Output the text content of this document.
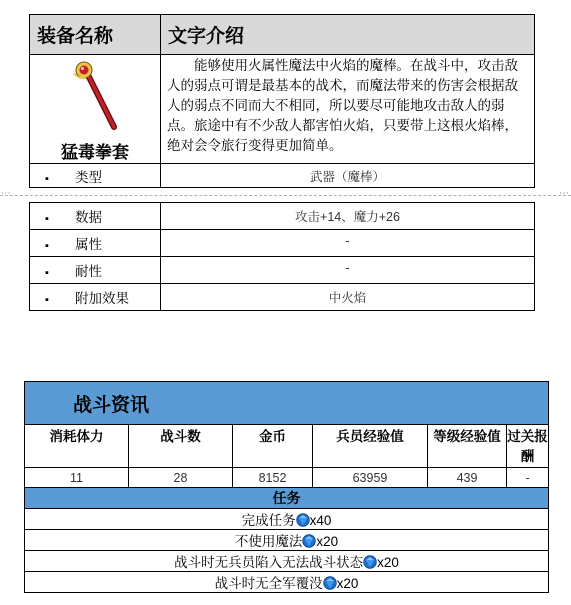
装备名称	文字介绍

猛毒拳套	能够使用火属性魔法中火焰的魔棒。在战斗中，攻击敌人的弱点可谓是最基本的战术，而魔法带来的伤害会根据敌人的弱点不同而大不相同，所以要尽可能地攻击敌人的弱点。旅途中有不少敌人都害怕火焰，只要带上这根火焰棒，绝对会令旅行变得更加简单。
▪ 类型	武器（魔棒）
⋯	⋯
▪ 数据	攻击+14、魔力+26
▪ 属性	-
▪ 耐性	-
▪ 附加效果	中火焰
战斗资讯					
消耗体力	战斗数	金币	兵员经验值	等级经验值	过关报酬
11	28	8152	63959	439	-
任务					
完成任务 x40					
不使用魔法 x20					
战斗时无兵员陷入无法战斗状态 x20					
战斗时无全军覆没 x20					
